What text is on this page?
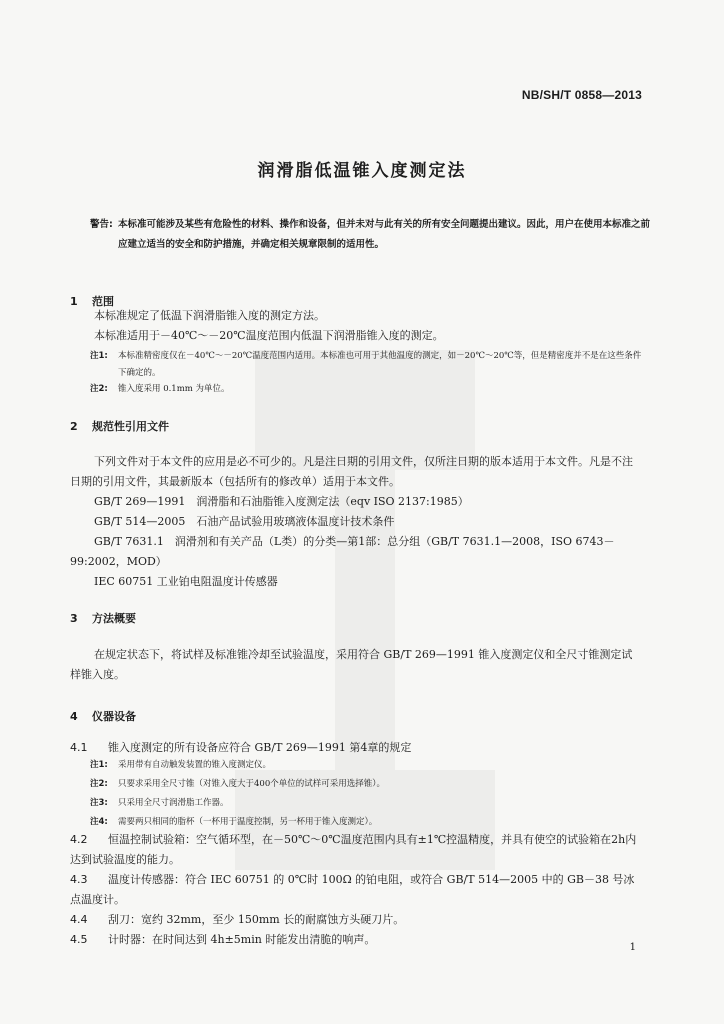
NB/SH/T 0858—2013
润滑脂低温锥入度测定法
警告: 本标准可能涉及某些有危险性的材料、操作和设备，但并未对与此有关的所有安全问题提出建议。因此，用户在使用本标准之前应建立适当的安全和防护措施，并确定相关规章限制的适用性。
1 范围
本标准规定了低温下润滑脂锥入度的测定方法。
本标准适用于－40℃～－20℃温度范围内低温下润滑脂锥入度的测定。
注1: 本标准精密度仅在－40℃～－20℃温度范围内适用。本标准也可用于其他温度的测定，如－20℃～20℃等，但是精密度并不是在这些条件下确定的。
注2: 锥入度采用 0.1mm 为单位。
2 规范性引用文件
下列文件对于本文件的应用是必不可少的。凡是注日期的引用文件，仅所注日期的版本适用于本文件。凡是不注日期的引用文件，其最新版本（包括所有的修改单）适用于本文件。
GB/T 269—1991　润滑脂和石油脂锥入度测定法（eqv ISO 2137:1985）
GB/T 514—2005　石油产品试验用玻璃液体温度计技术条件
GB/T 7631.1　润滑剂和有关产品（L类）的分类—第1部：总分组（GB/T 7631.1—2008，ISO 6743－99:2002，MOD）
IEC 60751 工业铂电阻温度计传感器
3 方法概要
在规定状态下，将试样及标准锥冷却至试验温度，采用符合 GB/T 269—1991 锥入度测定仪和全尺寸锥测定试样锥入度。
4 仪器设备
4.1 锥入度测定的所有设备应符合 GB/T 269—1991 第4章的规定
注1: 采用带有自动触发装置的锥入度测定仪。
注2: 只要求采用全尺寸锥（对锥入度大于400个单位的试样可采用选择锥）。
注3: 只采用全尺寸润滑脂工作器。
注4: 需要两只相同的脂杯（一杯用于温度控制，另一杯用于锥入度测定）。
4.2 恒温控制试验箱：空气循环型，在－50℃～0℃温度范围内具有±1℃控温精度，并具有使空的试验箱在2h内达到试验温度的能力。
4.3 温度计传感器：符合 IEC 60751 的 0℃时 100Ω 的铂电阻，或符合 GB/T 514—2005 中的 GB－38 号冰点温度计。
4.4 刮刀：宽约 32mm，至少 150mm 长的耐腐蚀方头硬刀片。
4.5 计时器：在时间达到 4h±5min 时能发出清脆的响声。
1
